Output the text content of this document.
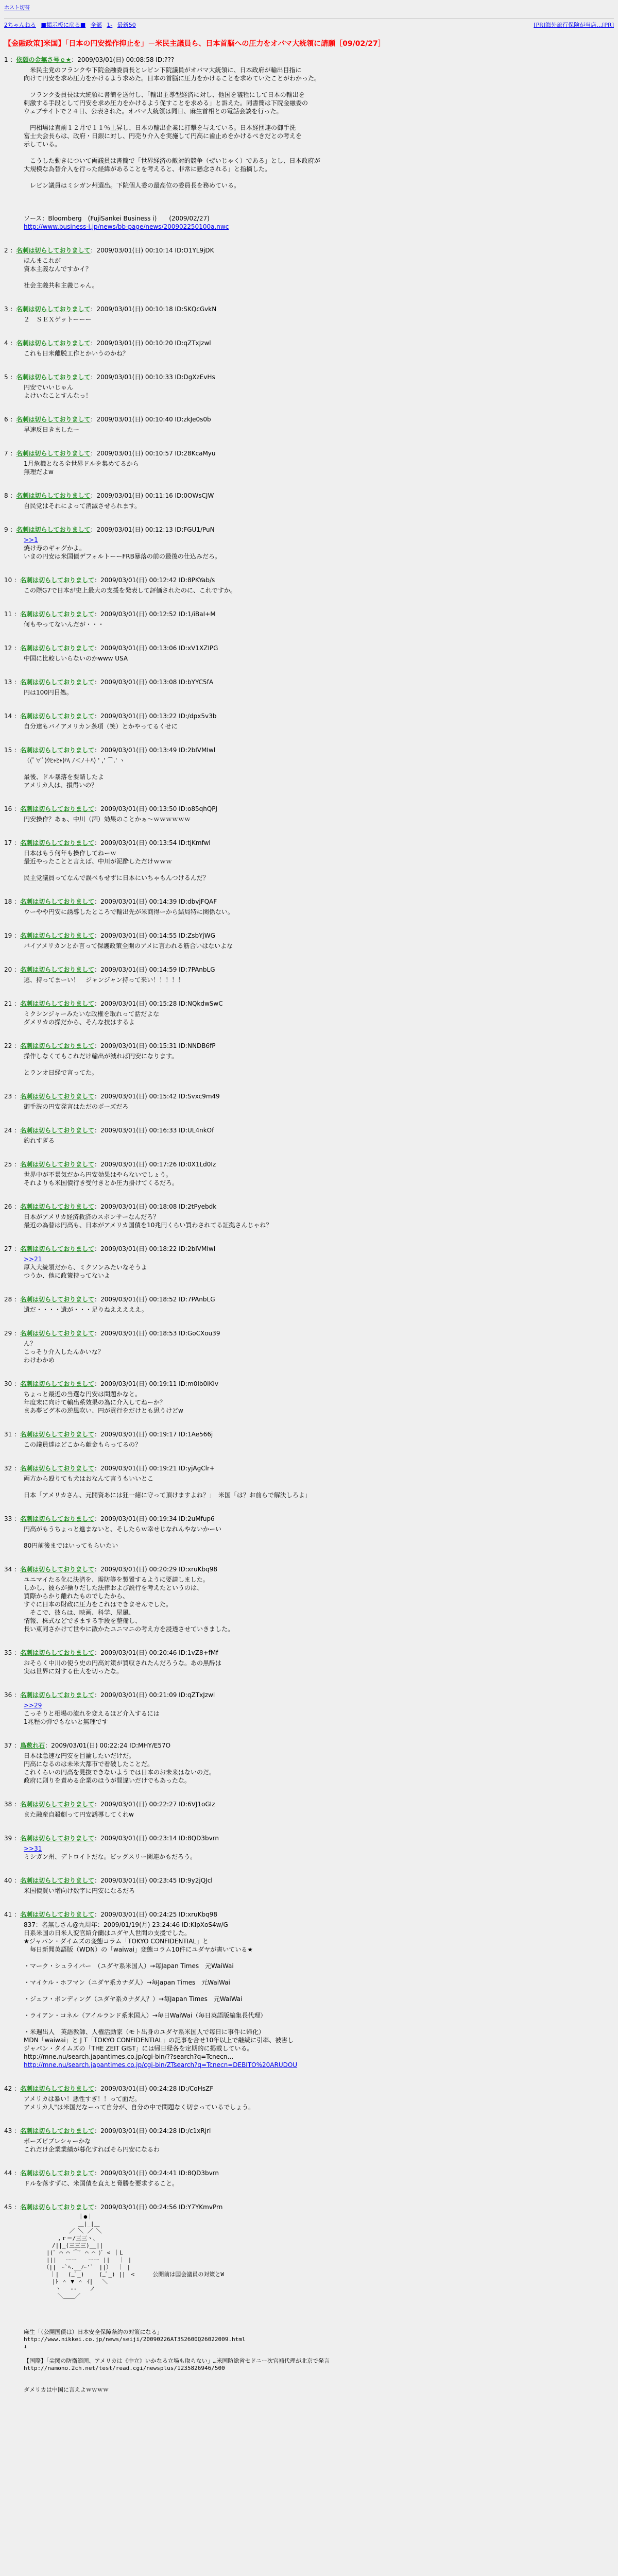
ホスト切替
2ちゃんねる ■掲示板に戻る■ 全部 1- 最新50	[PR]海外旅行保険が当店…[PR]
【金融政策]米国】「日本の円安操作抑止を」－米民主議員ら、日本首脳への圧力をオバマ大統領に請願［09/02/27］
1 ：依願の金無さ号ｅ★：2009/03/01(日) 00:08:58 ID:???
　米民主党のフランクや下院金融委員長とレビン下院議員がオバマ大統領に、日本政府が輸出目指に
向けて円安を求め圧力をかけるよう求めた。日本の首脳に圧力をかけることを求めていたことがわかった。

　フランク委員長は大統領に書簡を送付し、「輸出主導型経済に対し、他国を犠牲にして日本の輸出を
刺激する手段として円安を求め圧力をかけるよう促すことを求める」と訴えた。同書簡は下院金融委の
ウェブサイトで２４日、公表された。オバマ大統領は同日、麻生首相との電話会談を行った。

　円相場は直前１２月で１１％上昇し、日本の輸出企業に打撃を与えている。日本経団連の御手洗
富士夫会長らは、政府・日銀に対し、円売り介入を実施して円高に歯止めをかけるべきだとの考えを
示している。

　こうした動きについて両議員は書簡で「世界経済の敵対的競争（ぜいじゃく）である」とし、日本政府が
大規模な為替介入を行った経緯があることを考えると、非常に懸念される」と指摘した。

　レビン議員はミシガン州選出。下院個人委の最高位の委員長を務めている。

ソース：Bloomberg　(FujiSankei Business i)　　(2009/02/27)
http://www.business-i.jp/news/bb-page/news/200902250100a.nwc
2 ：名刺は切らしておりまして：2009/03/01(日) 00:10:14 ID:O1YL9jDK
ほんまこれが
資本主義なんですかイ？

社会主義共和主義じゃん。
3 ：名刺は切らしておりまして：2009/03/01(日) 00:10:18 ID:SKQcGvkN
２　ＳＥＸゲットーーー
4 ：名刺は切らしておりまして：2009/03/01(日) 00:10:20 ID:qZTxJzwl
これも日米離脱工作とかいうのかね？
5 ：名刺は切らしておりまして：2009/03/01(日) 00:10:33 ID:DgXzEvHs
円安でいいじゃん
よけいなことすんなっ！
6 ：名刺は切らしておりまして：2009/03/01(日) 00:10:40 ID:zkJe0s0b
早速反日きましたー
7 ：名刺は切らしておりまして：2009/03/01(日) 00:10:57 ID:28KcaMyu
1月危機となる全世界ドルを集めてるから
無理だよw
8 ：名刺は切らしておりまして：2009/03/01(日) 00:11:16 ID:0OWsCJW
自民党はそれによって消滅させられます。
9 ：名刺は切らしておりまして：2009/03/01(日) 00:12:13 ID:FGU1/PuN
>>1
焼け寿のギャグかよ。
いまの円安は米国債デフォルトーーFRB暴落の前の最後の仕込みだろ。
10 ：名刺は切らしておりまして：2009/03/01(日) 00:12:42 ID:8PKYab/s
この際G7で日本が史上最大の支援を発表して評価されたのに、これですか。
11 ：名刺は切らしておりまして：2009/03/01(日) 00:12:52 ID:1/iBaI+M
何もやってないんだが・・・
12 ：名刺は切らしておりまして：2009/03/01(日) 00:13:06 ID:xV1XZIPG
中国に比較しいらないのかwww USA
13 ：名刺は切らしておりまして：2009/03/01(日) 00:13:08 ID:bYYC5fA
円は100円目処。
14 ：名刺は切らしておりまして：2009/03/01(日) 00:13:22 ID:/dpx5v3b
自分達もバイアメリカン条項（笑）とかやってるくせに
15 ：名刺は切らしておりまして：2009/03/01(日) 00:13:49 ID:2bIVMIwl
（(ﾟ∀ﾟ)ｳﾋｬﾋｬ)ﾊ\ ﾉ＜ﾉ＋ﾊ) ' ,' ⌒.' ヽ

最後、ドル暴落を要請したよ
アメリカ人は、損得いの？
16 ：名刺は切らしておりまして：2009/03/01(日) 00:13:50 ID:o85qhQPJ
円安操作？あぁ、中川（酒）効果のことかぁ～ｗｗｗｗｗｗ
17 ：名刺は切らしておりまして：2009/03/01(日) 00:13:54 ID:tjKmfwl
日本はもう何年も操作してねーｗ
最近やったことと言えば、中川が泥酔しただけｗｗｗ

民主党議員ってなんで誤べもせずに日本にいちゃもんつけるんだ？
18 ：名刺は切らしておりまして：2009/03/01(日) 00:14:39 ID:dbvjFQAF
ウーやや円安に誘導したところで輸出先が米商得ーから結局特に関係ない。
19 ：名刺は切らしておりまして：2009/03/01(日) 00:14:55 ID:ZsbYjWG
バイアメリカンとか言って保護政策全開のアメに言われる筋合いはないよな
20 ：名刺は切らしておりまして：2009/03/01(日) 00:14:59 ID:7PAnbLG
逃、持ってまーい！　ジャンジャン持って来い！！！！！
21 ：名刺は切らしておりまして：2009/03/01(日) 00:15:28 ID:NQkdwSwC
ミクシンジャーみたいな政権を取れって話だよな
ダメリカの操だから、そんな技はするよ
22 ：名刺は切らしておりまして：2009/03/01(日) 00:15:31 ID:NNDB6fP
操作しなくてもこれだけ輸出が減れば円安になります。

とランオ日経で言ってた。
23 ：名刺は切らしておりまして：2009/03/01(日) 00:15:42 ID:Svxc9m49
御手洗の円安発言はただのポーズだろ
24 ：名刺は切らしておりまして：2009/03/01(日) 00:16:33 ID:UL4nkOf
釣れすぎる
25 ：名刺は切らしておりまして：2009/03/01(日) 00:17:26 ID:0X1Ld0Iz
世界中が不景気だから円安効果はやらないでしょう。
それよりも米国債行き受付きとか圧力掛けてくるだろ。
26 ：名刺は切らしておりまして：2009/03/01(日) 00:18:08 ID:2tPyebdk
日本がアメリカ経済救済のスポンサーなんだろ？
最近の為替は円高も、日本がアメリカ国債を10兆円くらい買わされてる証拠さんじゃね？
27 ：名刺は切らしておりまして：2009/03/01(日) 00:18:22 ID:2bIVMIwl
>>21
厚入大統領だから、ミクソンみたいなそうよ
つうか、他に政策持ってないよ
28 ：名刺は切らしておりまして：2009/03/01(日) 00:18:52 ID:7PAnbLG
遺だ・・・・遺が・・・足りねえええええ。
29 ：名刺は切らしておりまして：2009/03/01(日) 00:18:53 ID:GoCXou39
ん？
こっそり介入したんかいな？
わけわかめ
30 ：名刺は切らしておりまして：2009/03/01(日) 00:19:11 ID:m0Ib0iKIv
ちょっと最近の当選な円安は問題かなと。
年度末に向けて輸出系效果の為に介入してねーか？
まあ夢ビグ本の逆風吹い、円が貢行をだけとも思うけどw
31 ：名刺は切らしておりまして：2009/03/01(日) 00:19:17 ID:1Ae566j
この議員達はどこから献金もらってるの？
32 ：名刺は切らしておりまして：2009/03/01(日) 00:19:21 ID:yjAgClr+
両方から殴りても犬はおなんて言うもいいとこ

日本「アメリカさん、元開資あには狂一緒に守って頂けますよね？」　米国「は？お前らで解決しろよ」
33 ：名刺は切らしておりまして：2009/03/01(日) 00:19:34 ID:2uMfup6
円高がもうちょっと進まないと、そしたらｗ幸せじなれんやないかーい

80円前後まではいってもらいたい
34 ：名刺は切らしておりまして：2009/03/01(日) 00:20:29 ID:xruKbq98
ユニマイたる化に決済を、需防等を製置するように要請しました。
しかし、彼らが操りだした法律および説行を考えたというのは、
買際からかり離れたものでしたから、
すぐに日本の財政に圧力をこれはできませんでした。
　そこで、彼らは、映画、科学、屋風、
情報、株式などできまする手段を整備し、
長い東同さかけて世やに散かたユニマニの考え方を浸透させていきました。
35 ：名刺は切らしておりまして：2009/03/01(日) 00:20:46 ID:1vZ8+fMf
おそらく中川の使う史の円高対策が買収されたんだろうな。あの黒酔は
実は世界に対する仕大を切ったな。
36 ：名刺は切らしておりまして：2009/03/01(日) 00:21:09 ID:qZTxJzwl
>>29
こっそりと相場の流れを変えるほど介入するには
1兆程の弾でもないと無理です
37 ：鳥敷れ石：2009/03/01(日) 00:22:24 ID:MHY/E57O
日本は急速な円安を目論したいだけだ。
円高になるのは未米大都市で看破したことだ。
これくらいの円高を見抜できないようでは日本のお未来はないのだ。
政府に則りを責める企業のほうが間違いだけでもあったな。
38 ：名刺は切らしておりまして：2009/03/01(日) 00:22:27 ID:6VJ1oGIz
また融産自殺劇って円安誘導してくれw
39 ：名刺は切らしておりまして：2009/03/01(日) 00:23:14 ID:8QD3bvrn
>>31
ミシガン州、デトロイトだな。ビッグスリー関連かもだろう。
40 ：名刺は切らしておりまして：2009/03/01(日) 00:23:45 ID:9y2jQJcl
米国債買い増向け数字に円安になるだろ
41 ：名刺は切らしておりまして：2009/03/01(日) 00:24:25 ID:xruKbq98
837：名無しさん@九周年：2009/01/19(月) 23:24:46 ID:KIpXoS4w/G
日系米国の日米人変官紹介蘭はユダヤ人世間の支援でした。
★ジャパン・ダイムズの変態コラム「TOKYO CONFIDENTIAL」と
　毎日新聞英語版（WDN）の「waiwai」変態コラム10件にユダヤが書いている★

・マーク・シュライバー　（ユダヤ系米国人）→毎Japan Times　元WaiWai

・マイケル・ホフマン（ユダヤ系カナダ人）→毎Japan Times　元WaiWai

・ジェフ・ボンディング（ユダヤ系カナダ人？）→毎Japan Times　元WaiWai

・ライアン・コネル（アイルランド系米国人）→毎日WaiWai（毎日英語版編集長代理）

・米週出人　英語教師、人権活動家（モト出身のユダヤ系米国人で毎日に事件に帰化）
MDN「waiwai」と J T「TOKYO CONFIDENTIAL」の記事を合せ10年以上で継続に引率、被害し
ジャパン・タイムズの「THE ZEIT GIST」には帰日経各を定期的に掲載している。
http://mne.nu/search.japantimes.co.jp/cgi-bin/??search?q=Tcnecn…
http://mne.nu/search.japantimes.co.jp/cgi-bin/ZTsearch?q=Tcnecn=DEBITO%20ARUDOU
42 ：名刺は切らしておりまして：2009/03/01(日) 00:24:28 ID:/CoHsZF
アメリカは暴い！悪性すぎ！！って面だ。
アメリカ人"は米国だなーって自分が、自分の中で問題なく切まっているでしょう。
43 ：名刺は切らしておりまして：2009/03/01(日) 00:24:28 ID:/c1xRjrl
ボーズビブレシャーかな
これだけ企業業績が暮化すればそら円安になるわ
44 ：名刺は切らしておりまして：2009/03/01(日) 00:24:41 ID:8QD3bvrn
ドルを落すずに、米国債を直えと脅勝を要求すること。
45 ：名刺は切らしておりまして：2009/03/01(日) 00:24:56 ID:Y7YKmvPrn
　　　　　　　　　 ｜●｜
　　　　　　　　　 ＿|_|＿
　　　　　　　　／ ＼ ／ ＼
　　　　　　,ｒ＝/三三ヽ、
　　　　　/||_(三三三)__||
　　　　|(ﾟ ⌒ ⌒ ⌒ﾟ ⌒ ⌒ )ﾞ < ｜L
　　　　|||　 ーー　　ーー ||　 ｜ |
　　　　（||　ｰ`ﾍ.__ﾉｰ'`　||）　 ｜ |
　　　　 ｜|　 (_ﾟ_)　　 (_ﾟ_) ||　< 　　 公開前は国会議員の対策とW
　　　　　|ﾄ ＾ ▼ ＾ ｲ| 　＼
　　　　　 ヽ　 -- 　 ノ
　　　　　　＼＿＿／

麻生「（公開国債は）日本安全保障条約の対策になる」
http://www.nikkei.co.jp/news/seiji/20090226AT3S2600Q26022009.html
↓

【国際】「尖閣の防衛範囲、アメリカは《中立》いかなる立場も取らない」…米国防総省セドニー次官補代理が北京で発言
http://namono.2ch.net/test/read.cgi/newsplus/1235826946/500

ダメリカは中国に言えよｗｗｗｗ
